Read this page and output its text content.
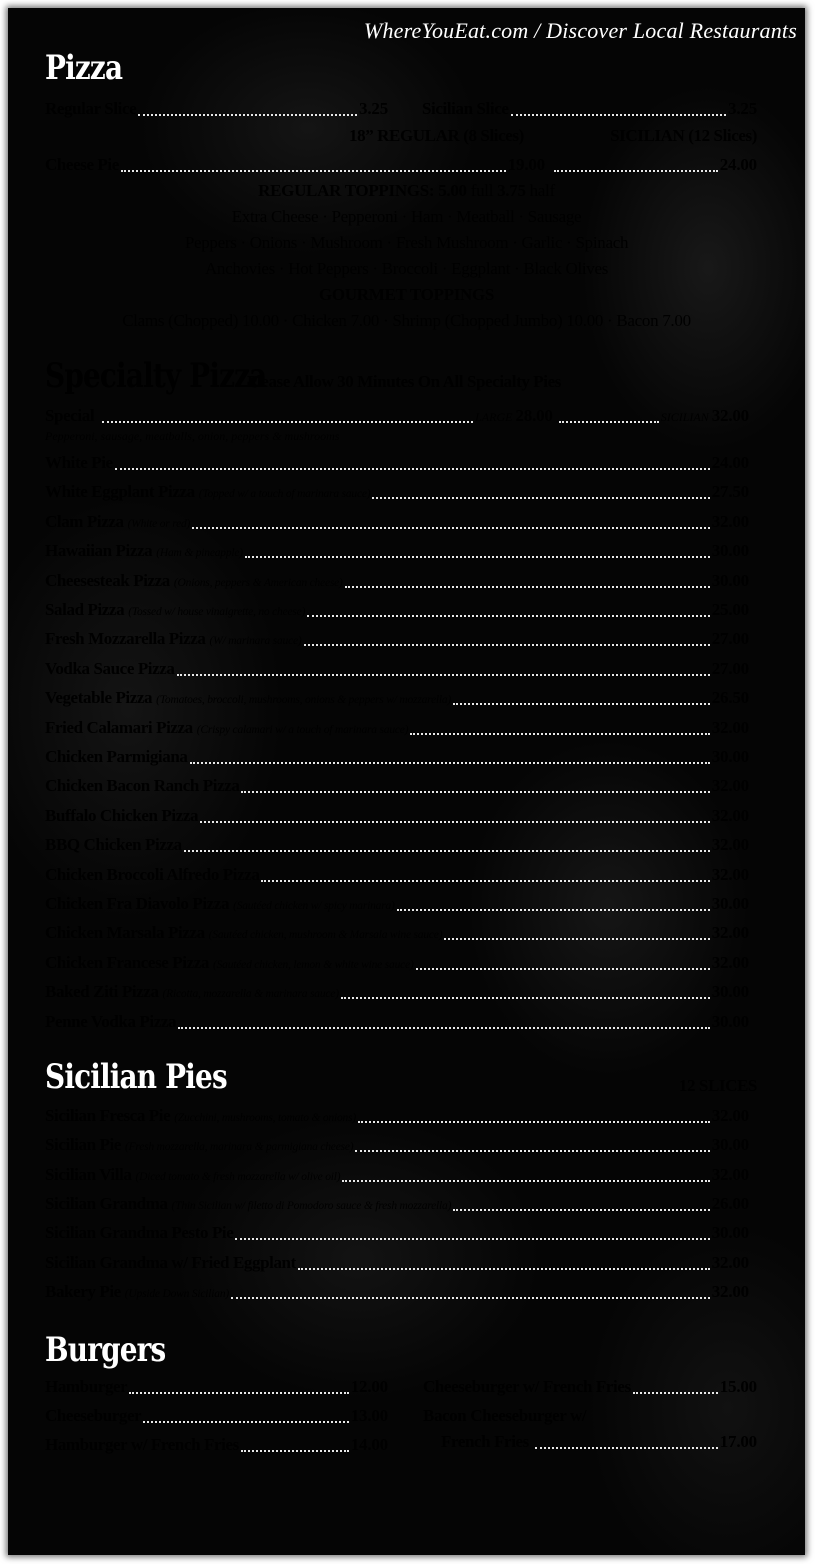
WhereYouEat.com / Discover Local Restaurants
Pizza
Regular Slice	3.25 Sicilian Slice	3.25
18” REGULAR (8 Slices)	SICILIAN (12 Slices)
Cheese Pie	19.00	24.00
REGULAR TOPPINGS: 5.00 full 3.75 half
Extra Cheese · Pepperoni · Ham · Meatball · Sausage
Peppers · Onions · Mushroom · Fresh Mushroom · Garlic · Spinach
Anchovies · Hot Peppers · Broccoli · Eggplant · Black Olives
GOURMET TOPPINGS
Clams (Chopped) 10.00 · Chicken 7.00 · Shrimp (Chopped Jumbo) 10.00 · Bacon 7.00
Specialty Pizza
Please Allow 30 Minutes On All Specialty Pies
Special	LARGE 28.00	SICILIAN 32.00
Pepperoni, sausage, meatballs, onion, peppers & mushrooms
White Pie	24.00
White Eggplant Pizza (Topped w/ a touch of marinara sauce)	27.50
Clam Pizza (White or red)	32.00
Hawaiian Pizza (Ham & pineapple)	30.00
Cheesesteak Pizza (Onions, peppers & American cheese)	30.00
Salad Pizza (Tossed w/ house vinaigrette, no cheese)	25.00
Fresh Mozzarella Pizza (W/ marinara sauce)	27.00
Vodka Sauce Pizza	27.00
Vegetable Pizza (Tomatoes, broccoli, mushrooms, onions & peppers w/ mozzarella)	26.50
Fried Calamari Pizza (Crispy calamari w/ a touch of marinara sauce)	32.00
Chicken Parmigiana	30.00
Chicken Bacon Ranch Pizza	32.00
Buffalo Chicken Pizza	32.00
BBQ Chicken Pizza	32.00
Chicken Broccoli Alfredo Pizza	32.00
Chicken Fra Diavolo Pizza (Sautéed chicken w/ spicy marinara)	30.00
Chicken Marsala Pizza (Sautéed chicken, mushroom & Marsala wine sauce)	32.00
Chicken Francese Pizza (Sautéed chicken, lemon & white wine sauce)	32.00
Baked Ziti Pizza (Ricotta, mozzarella & marinara sauce)	30.00
Penne Vodka Pizza	30.00
Sicilian Pies	12 SLICES
Sicilian Fresca Pie (Zucchini, mushrooms, tomato & onions)	32.00
Sicilian Pie (Fresh mozzarella, marinara & parmigiana cheese)	30.00
Sicilian Villa (Diced tomato & fresh mozzarella w/ olive oil)	32.00
Sicilian Grandma (Thin Sicilian w/ filetto di Pomodoro sauce & fresh mozzarella)	26.00
Sicilian Grandma Pesto Pie	30.00
Sicilian Grandma w/ Fried Eggplant	32.00
Bakery Pie (Upside Down Sicilian)	32.00
Burgers
Hamburger	12.00
Cheeseburger	13.00
Hamburger w/ French Fries	14.00
Cheeseburger w/ French Fries	15.00
Bacon Cheeseburger w/
French Fries	17.00
